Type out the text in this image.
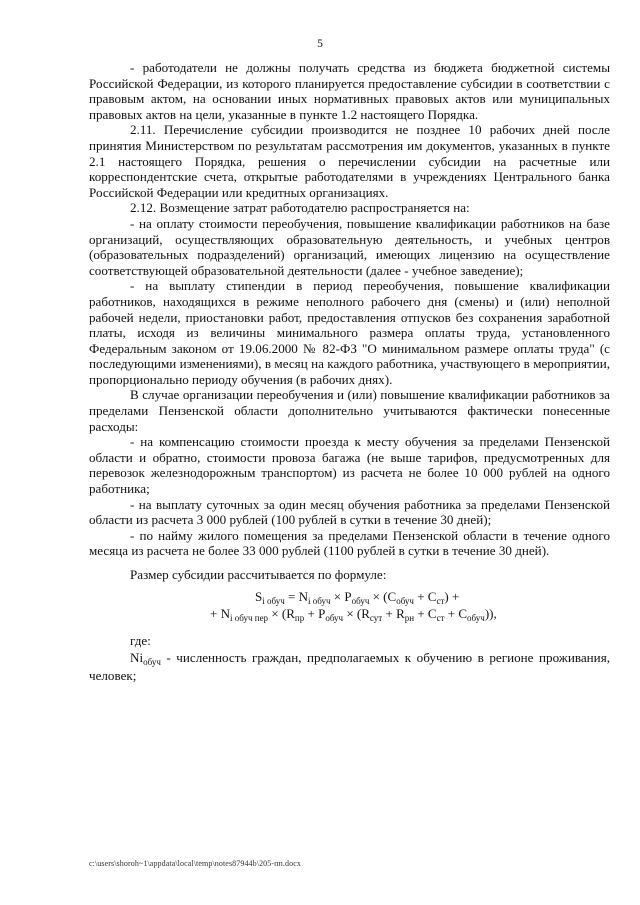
5

- работодатели не должны получать средства из бюджета бюджетной системы Российской Федерации, из которого планируется предоставление субсидии в соответствии с правовым актом, на основании иных нормативных правовых актов или муниципальных правовых актов на цели, указанные в пункте 1.2 настоящего Порядка.

2.11. Перечисление субсидии производится не позднее 10 рабочих дней после принятия Министерством по результатам рассмотрения им документов, указанных в пункте 2.1 настоящего Порядка, решения о перечислении субсидии на расчетные или корреспондентские счета, открытые работодателями в учреждениях Центрального банка Российской Федерации или кредитных организациях.

2.12. Возмещение затрат работодателю распространяется на:

- на оплату стоимости переобучения, повышение квалификации работников на базе организаций, осуществляющих образовательную деятельность, и учебных центров (образовательных подразделений) организаций, имеющих лицензию на осуществление соответствующей образовательной деятельности (далее - учебное заведение);

- на выплату стипендии в период переобучения, повышение квалификации работников, находящихся в режиме неполного рабочего дня (смены) и (или) неполной рабочей недели, приостановки работ, предоставления отпусков без сохранения заработной платы, исходя из величины минимального размера оплаты труда, установленного Федеральным законом от 19.06.2000 № 82-ФЗ "О минимальном размере оплаты труда" (с последующими изменениями), в месяц на каждого работника, участвующего в мероприятии, пропорционально периоду обучения (в рабочих днях).

В случае организации переобучения и (или) повышение квалификации работников за пределами Пензенской области дополнительно учитываются фактически понесенные расходы:

- на компенсацию стоимости проезда к месту обучения за пределами Пензенской области и обратно, стоимости провоза багажа (не выше тарифов, предусмотренных для перевозок железнодорожным транспортом) из расчета не более 10 000 рублей на одного работника;

- на выплату суточных за один месяц обучения работника за пределами Пензенской области из расчета 3 000 рублей (100 рублей в сутки в течение 30 дней);

- по найму жилого помещения за пределами Пензенской области в течение одного месяца из расчета не более 33 000 рублей (1100 рублей в сутки в течение 30 дней).

Размер субсидии рассчитывается по формуле:

$S_{i обуч} = N_{i обуч} \times P_{обуч} \times (C_{обуч} + C_{ст})$ +
+ $N_{i обуч пер} \times (R_{пр} + P_{обуч} \times (R_{сут} + R_{рн} + C_{ст} + C_{обуч}))$,

где:

$Ni_{обуч}$ - численность граждан, предполагаемых к обучению в регионе проживания, человек;

c:\users\shoroh~1\appdata\local\temp\notes87944b\205-пп.docx
